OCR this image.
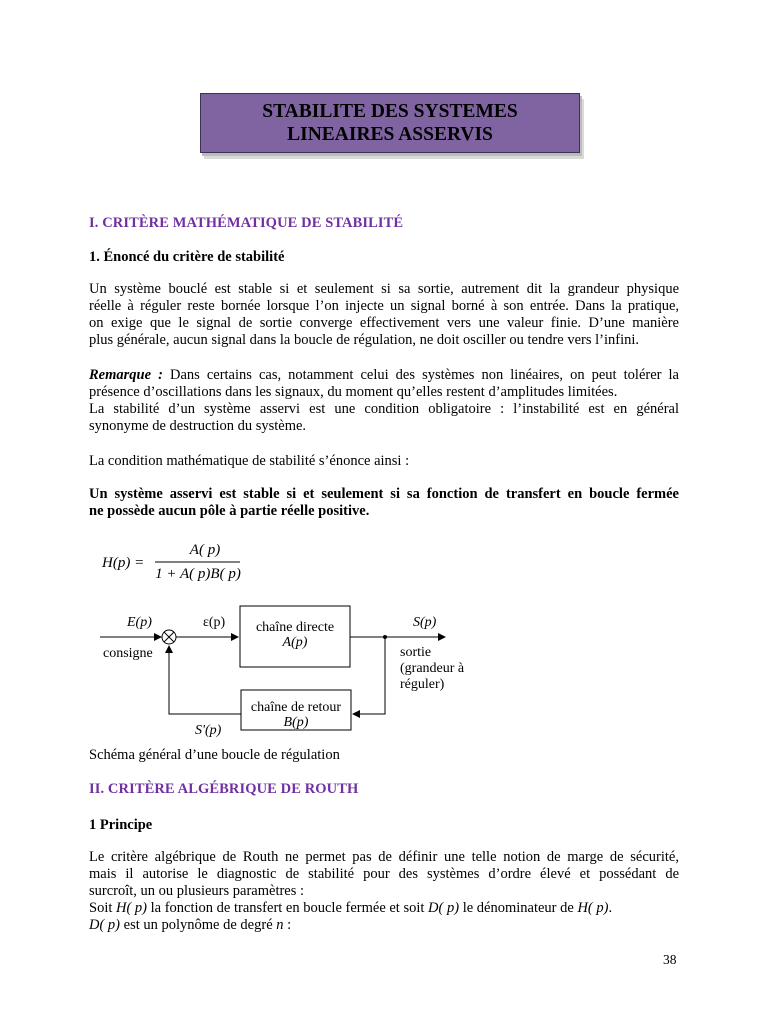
STABILITE DES SYSTEMES
LINEAIRES ASSERVIS
I. CRITÈRE MATHÉMATIQUE DE STABILITÉ
1. Énoncé du critère de stabilité
Un système bouclé est stable si et seulement si sa sortie, autrement dit la grandeur physique
réelle à réguler reste bornée lorsque l’on injecte un signal borné à son entrée. Dans la pratique,
on exige que le signal de sortie converge effectivement vers une valeur finie. D’une manière
plus générale, aucun signal dans la boucle de régulation, ne doit osciller ou tendre vers l’infini.
Remarque : Dans certains cas, notamment celui des systèmes non linéaires, on peut tolérer la
présence d’oscillations dans les signaux, du moment qu’elles restent d’amplitudes limitées.
La stabilité d’un système asservi est une condition obligatoire : l’instabilité est en général
synonyme de destruction du système.
La condition mathématique de stabilité s’énonce ainsi :
Un système asservi est stable si et seulement si sa fonction de transfert en boucle fermée
ne possède aucun pôle à partie réelle positive.
H(p) =
A( p)
1 + A( p)B( p)
E(p)
consigne
ε(p) chaîne directe
A(p)
S(p)
sortie
(grandeur à
réguler)
chaîne de retour
B(p)
S'(p)
Schéma général d’une boucle de régulation
II. CRITÈRE ALGÉBRIQUE DE ROUTH
1 Principe
Le critère algébrique de Routh ne permet pas de définir une telle notion de marge de sécurité,
mais il autorise le diagnostic de stabilité pour des systèmes d’ordre élevé et possédant de
surcroît, un ou plusieurs paramètres :
Soit H( p) la fonction de transfert en boucle fermée et soit D( p) le dénominateur de H( p).
D( p) est un polynôme de degré n :
38
